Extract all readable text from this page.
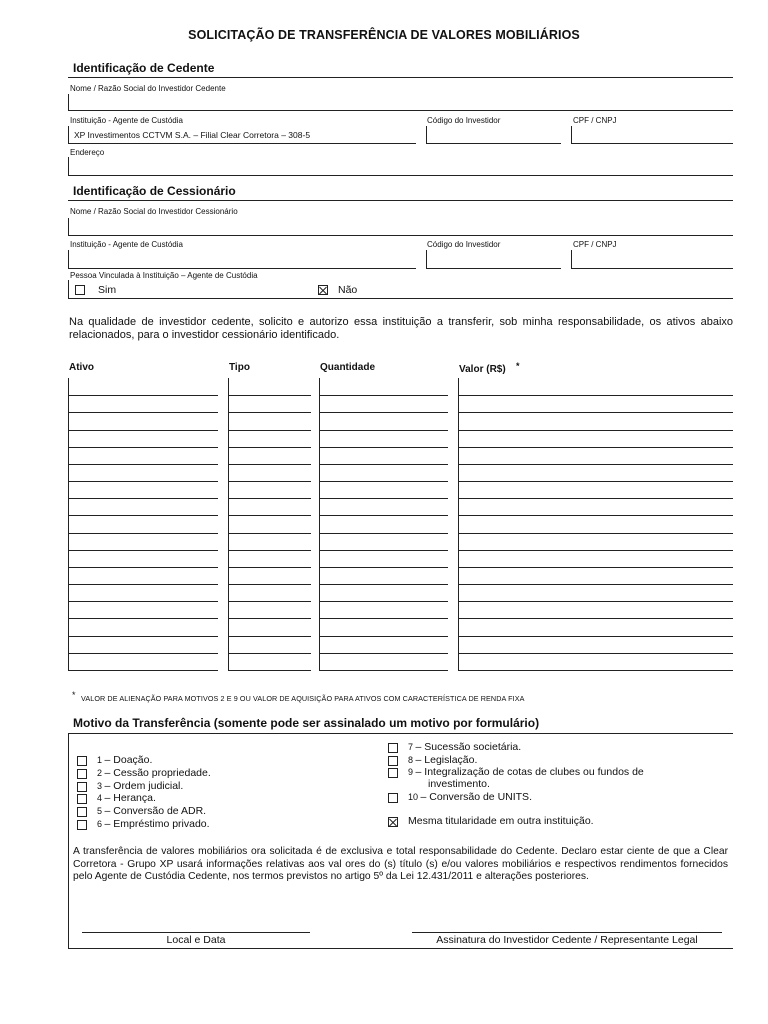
SOLICITAÇÃO DE TRANSFERÊNCIA DE VALORES MOBILIÁRIOS
Identificação de Cedente
Nome / Razão Social do Investidor Cedente
Instituição - Agente de Custódia
XP Investimentos CCTVM S.A. – Filial Clear Corretora – 308-5
Código do Investidor	CPF / CNPJ
Endereço
Identificação de Cessionário
Nome / Razão Social do Investidor Cessionário
Instituição - Agente de Custódia	Código do Investidor	CPF / CNPJ
Pessoa Vinculada à Instituição – Agente de Custódia
Sim	Não
Na qualidade de investidor cedente, solicito e autorizo essa instituição a transferir, sob minha responsabilidade, os ativos abaixo relacionados, para o investidor cessionário identificado.
Ativo	Tipo	Quantidade	Valor (R$) *
* VALOR DE ALIENAÇÃO PARA MOTIVOS 2 E 9 OU VALOR DE AQUISIÇÃO PARA ATIVOS COM CARACTERÍSTICA DE RENDA FIXA
Motivo da Transferência (somente pode ser assinalado um motivo por formulário)
A transferência de valores mobiliários ora solicitada é de exclusiva e total responsabilidade do Cedente. Declaro estar ciente de que a Clear Corretora - Grupo XP usará informações relativas aos val ores do (s) título (s) e/ou valores mobiliários e respectivos rendimentos fornecidos pelo Agente de Custódia Cedente, nos termos previstos no artigo 5º da Lei 12.431/2011 e alterações posteriores.
Local e Data	Assinatura do Investidor Cedente / Representante Legal
1 – Doação.
2 – Cessão propriedade.
3 – Ordem judicial.
4 – Herança.
5 – Conversão de ADR.
6 – Empréstimo privado.
7 – Sucessão societária.
8 – Legislação.
9 – Integralização de cotas de clubes ou fundos de
investimento.
10 – Conversão de UNITS.
Mesma titularidade em outra instituição.
